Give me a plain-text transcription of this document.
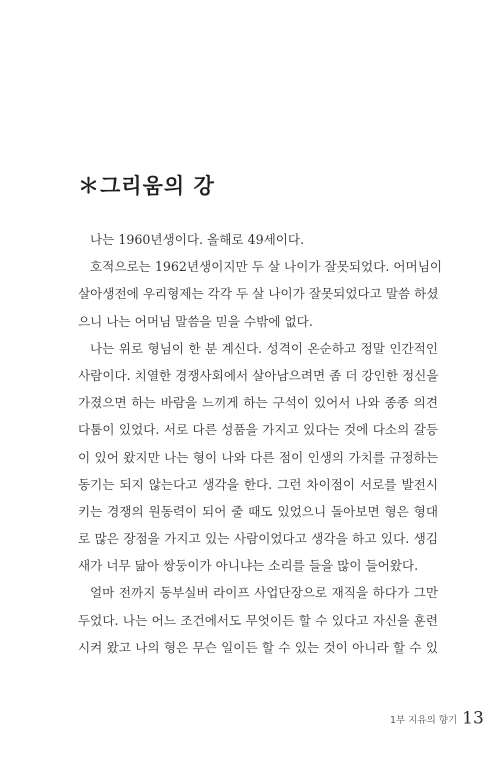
＊그리움의 강
나는 1960년생이다. 올해로 49세이다.
호적으로는 1962년생이지만 두 살 나이가 잘못되었다. 어머님이
살아생전에 우리형제는 각각 두 살 나이가 잘못되었다고 말씀 하셨
으니 나는 어머님 말씀을 믿을 수밖에 없다.
나는 위로 형님이 한 분 계신다. 성격이 온순하고 정말 인간적인
사람이다. 치열한 경쟁사회에서 살아남으려면 좀 더 강인한 정신을
가졌으면 하는 바람을 느끼게 하는 구석이 있어서 나와 종종 의견
다툼이 있었다. 서로 다른 성품을 가지고 있다는 것에 다소의 갈등
이 있어 왔지만 나는 형이 나와 다른 점이 인생의 가치를 규정하는
동기는 되지 않는다고 생각을 한다. 그런 차이점이 서로를 발전시
키는 경쟁의 원동력이 되어 줄 때도 있었으니 돌아보면 형은 형대
로 많은 장점을 가지고 있는 사람이었다고 생각을 하고 있다. 생김
새가 너무 닮아 쌍둥이가 아니냐는 소리를 들을 많이 들어왔다.
얼마 전까지 동부실버 라이프 사업단장으로 재직을 하다가 그만
두었다. 나는 어느 조건에서도 무엇이든 할 수 있다고 자신을 훈련
시켜 왔고 나의 형은 무슨 일이든 할 수 있는 것이 아니라 할 수 있
1부 지유의 향기 13
